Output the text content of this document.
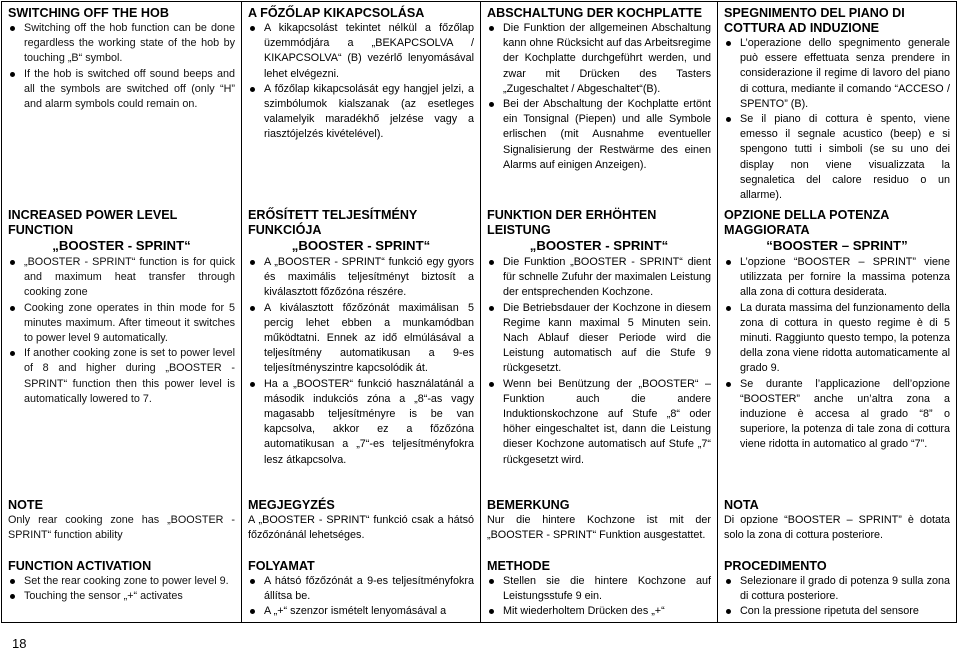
SWITCHING OFF THE HOB
Switching off the hob function can be done regardless the working state of the hob by touching „B“ symbol.
If the hob is switched off sound beeps and all the symbols are switched off (only “H” and alarm symbols could remain on.
INCREASED POWER LEVEL FUNCTION
„BOOSTER - SPRINT“
„BOOSTER - SPRINT“ function is for quick and maximum heat transfer through cooking zone
Cooking zone operates in thin mode for 5 minutes maximum. After timeout it switches to power level 9 automatically.
If another cooking zone is set to power level of 8 and higher during „BOOSTER - SPRINT“ function then this power level is automatically lowered to 7.
NOTE
Only rear cooking zone has „BOOSTER - SPRINT“ function ability
FUNCTION ACTIVATION
Set the rear cooking zone to power level 9.
Touching the sensor „+“ activates

A FŐZŐLAP KIKAPCSOLÁSA
A kikapcsolást tekintet nélkül a főzőlap üzemmódjára a „BEKAPCSOLVA / KIKAPCSOLVA“ (B) vezérlő lenyomásával lehet elvégezni.
A főzőlap kikapcsolását egy hangjel jelzi, a szimbólumok kialszanak (az esetleges valamelyik maradékhő jelzése vagy a riasztójelzés kivételével).
ERŐSÍTETT TELJESÍTMÉNY FUNKCIÓJA
„BOOSTER - SPRINT“
A „BOOSTER - SPRINT“ funkció egy gyors és maximális teljesítményt biztosít a kiválasztott főzőzóna részére.
A kiválasztott főzőzónát maximálisan 5 percig lehet ebben a munkamódban működtatni. Ennek az idő elmúlásával a teljesítmény automatikusan a 9-es teljesítményszintre kapcsolódik át.
Ha a „BOOSTER“ funkció használatánál a második indukciós zóna a „8“-as vagy magasabb teljesítményre is be van kapcsolva, akkor ez a főzőzóna automatikusan a „7“-es teljesítményfokra lesz átkapcsolva.
MEGJEGYZÉS
A „BOOSTER - SPRINT“ funkció csak a hátsó főzőzónánál lehetséges.
FOLYAMAT
A hátsó főzőzónát a 9-es teljesítményfokra állítsa be.
A „+“ szenzor ismételt lenyomásával a

ABSCHALTUNG DER KOCHPLATTE
Die Funktion der allgemeinen Abschaltung kann ohne Rücksicht auf das Arbeitsregime der Kochplatte durchgeführt werden, und zwar mit Drücken des Tasters „Zugeschaltet / Abgeschaltet“(B).
Bei der Abschaltung der Kochplatte ertönt ein Tonsignal (Piepen) und alle Symbole erlischen (mit Ausnahme eventueller Signalisierung der Restwärme des einen Alarms auf einigen Anzeigen).
FUNKTION DER ERHÖHTEN LEISTUNG
„BOOSTER - SPRINT“
Die Funktion „BOOSTER - SPRINT“ dient für schnelle Zufuhr der maximalen Leistung der entsprechenden Kochzone.
Die Betriebsdauer der Kochzone in diesem Regime kann maximal 5 Minuten sein. Nach Ablauf dieser Periode wird die Leistung automatisch auf die Stufe 9 rückgesetzt.
Wenn bei Benützung der „BOOSTER“ – Funktion auch die andere Induktionskochzone auf Stufe „8“ oder höher eingeschaltet ist, dann die Leistung dieser Kochzone automatisch auf Stufe „7“ rückgesetzt wird.
BEMERKUNG
Nur die hintere Kochzone ist mit der „BOOSTER - SPRINT“ Funktion ausgestattet.
METHODE
Stellen sie die hintere Kochzone auf Leistungsstufe 9 ein.
Mit wiederholtem Drücken des „+“

SPEGNIMENTO DEL PIANO DI COTTURA AD INDUZIONE
L’operazione dello spegnimento generale può essere effettuata senza prendere in considerazione il regime di lavoro del piano di cottura, mediante il comando “ACCESO / SPENTO” (B).
Se il piano di cottura è spento, viene emesso il segnale acustico (beep) e si spengono tutti i simboli (se su uno dei display non viene visualizzata la segnaletica del calore residuo o un allarme).
OPZIONE DELLA POTENZA MAGGIORATA
“BOOSTER – SPRINT”
L’opzione “BOOSTER – SPRINT” viene utilizzata per fornire la massima potenza alla zona di cottura desiderata.
La durata massima del funzionamento della zona di cottura in questo regime è di 5 minuti. Raggiunto questo tempo, la potenza della zona viene ridotta automaticamente al grado 9.
Se durante l’applicazione dell’opzione “BOOSTER” anche un’altra zona a induzione è accesa al grado “8” o superiore, la potenza di tale zona di cottura viene ridotta in automatico al grado “7”.
NOTA
Di opzione “BOOSTER – SPRINT” è dotata solo la zona di cottura posteriore.
PROCEDIMENTO
Selezionare il grado di potenza 9 sulla zona di cottura posteriore.
Con la pressione ripetuta del sensore
18
